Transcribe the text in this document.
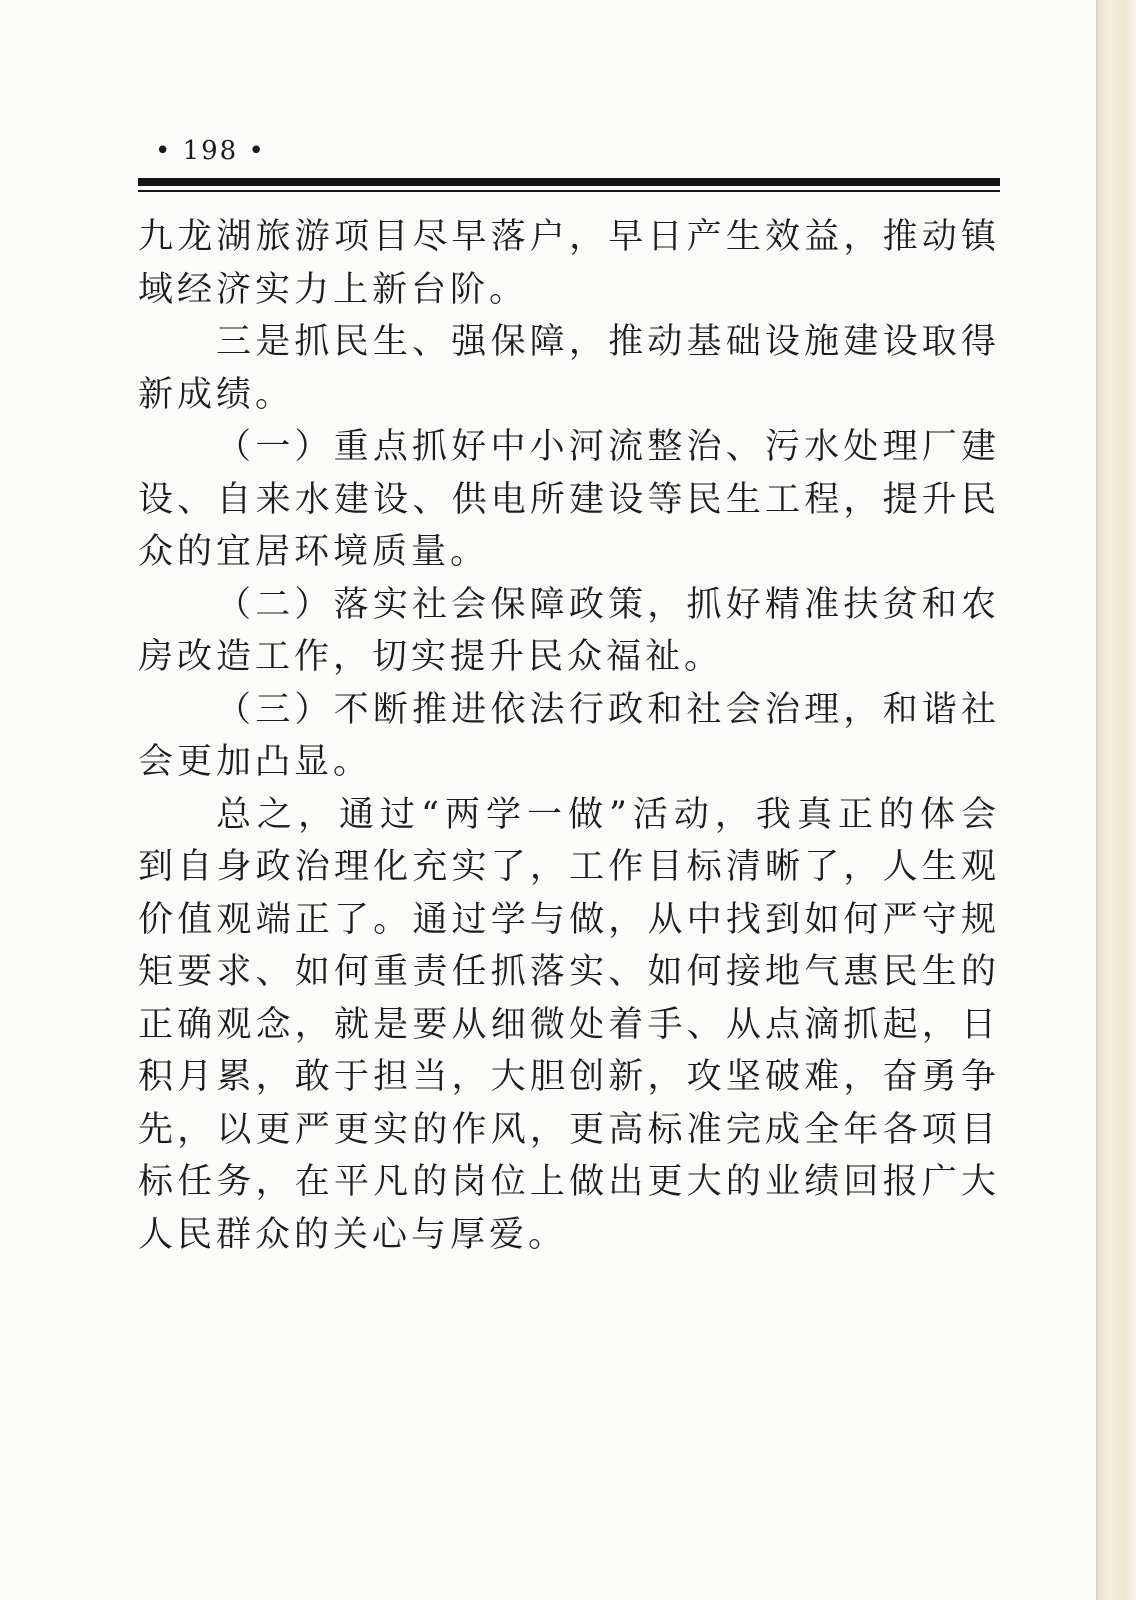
• 198 •

九龙湖旅游项目尽早落户，早日产生效益，推动镇域经济实力上新台阶。

三是抓民生、强保障，推动基础设施建设取得新成绩。

（一）重点抓好中小河流整治、污水处理厂建设、自来水建设、供电所建设等民生工程，提升民众的宜居环境质量。

（二）落实社会保障政策，抓好精准扶贫和农房改造工作，切实提升民众福祉。

（三）不断推进依法行政和社会治理，和谐社会更加凸显。

总之，通过“两学一做”活动，我真正的体会到自身政治理化充实了，工作目标清晰了，人生观价值观端正了。通过学与做，从中找到如何严守规矩要求、如何重责任抓落实、如何接地气惠民生的正确观念，就是要从细微处着手、从点滴抓起，日积月累，敢于担当，大胆创新，攻坚破难，奋勇争先，以更严更实的作风，更高标准完成全年各项目标任务，在平凡的岗位上做出更大的业绩回报广大人民群众的关心与厚爱。
